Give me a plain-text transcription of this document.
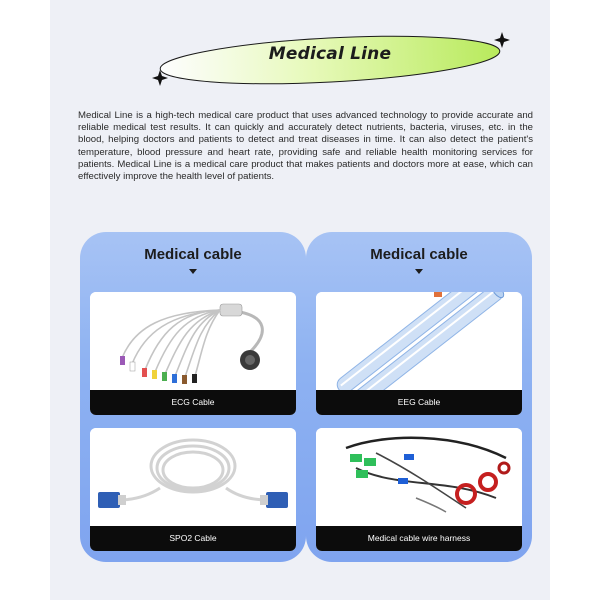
Medical Line

Medical Line is a high-tech medical care product that uses advanced technology to provide accurate and reliable medical test results. It can quickly and accurately detect nutrients, bacteria, viruses, etc. in the blood, helping doctors and patients to detect and treat diseases in time. It can also detect the patient's temperature, blood pressure and heart rate, providing safe and reliable health monitoring services for patients. Medical Line is a medical care product that makes patients and doctors more at ease, which can effectively improve the health level of patients.

Medical cable
ECG Cable
SPO2 Cable
Medical cable
EEG Cable
Medical cable wire harness
